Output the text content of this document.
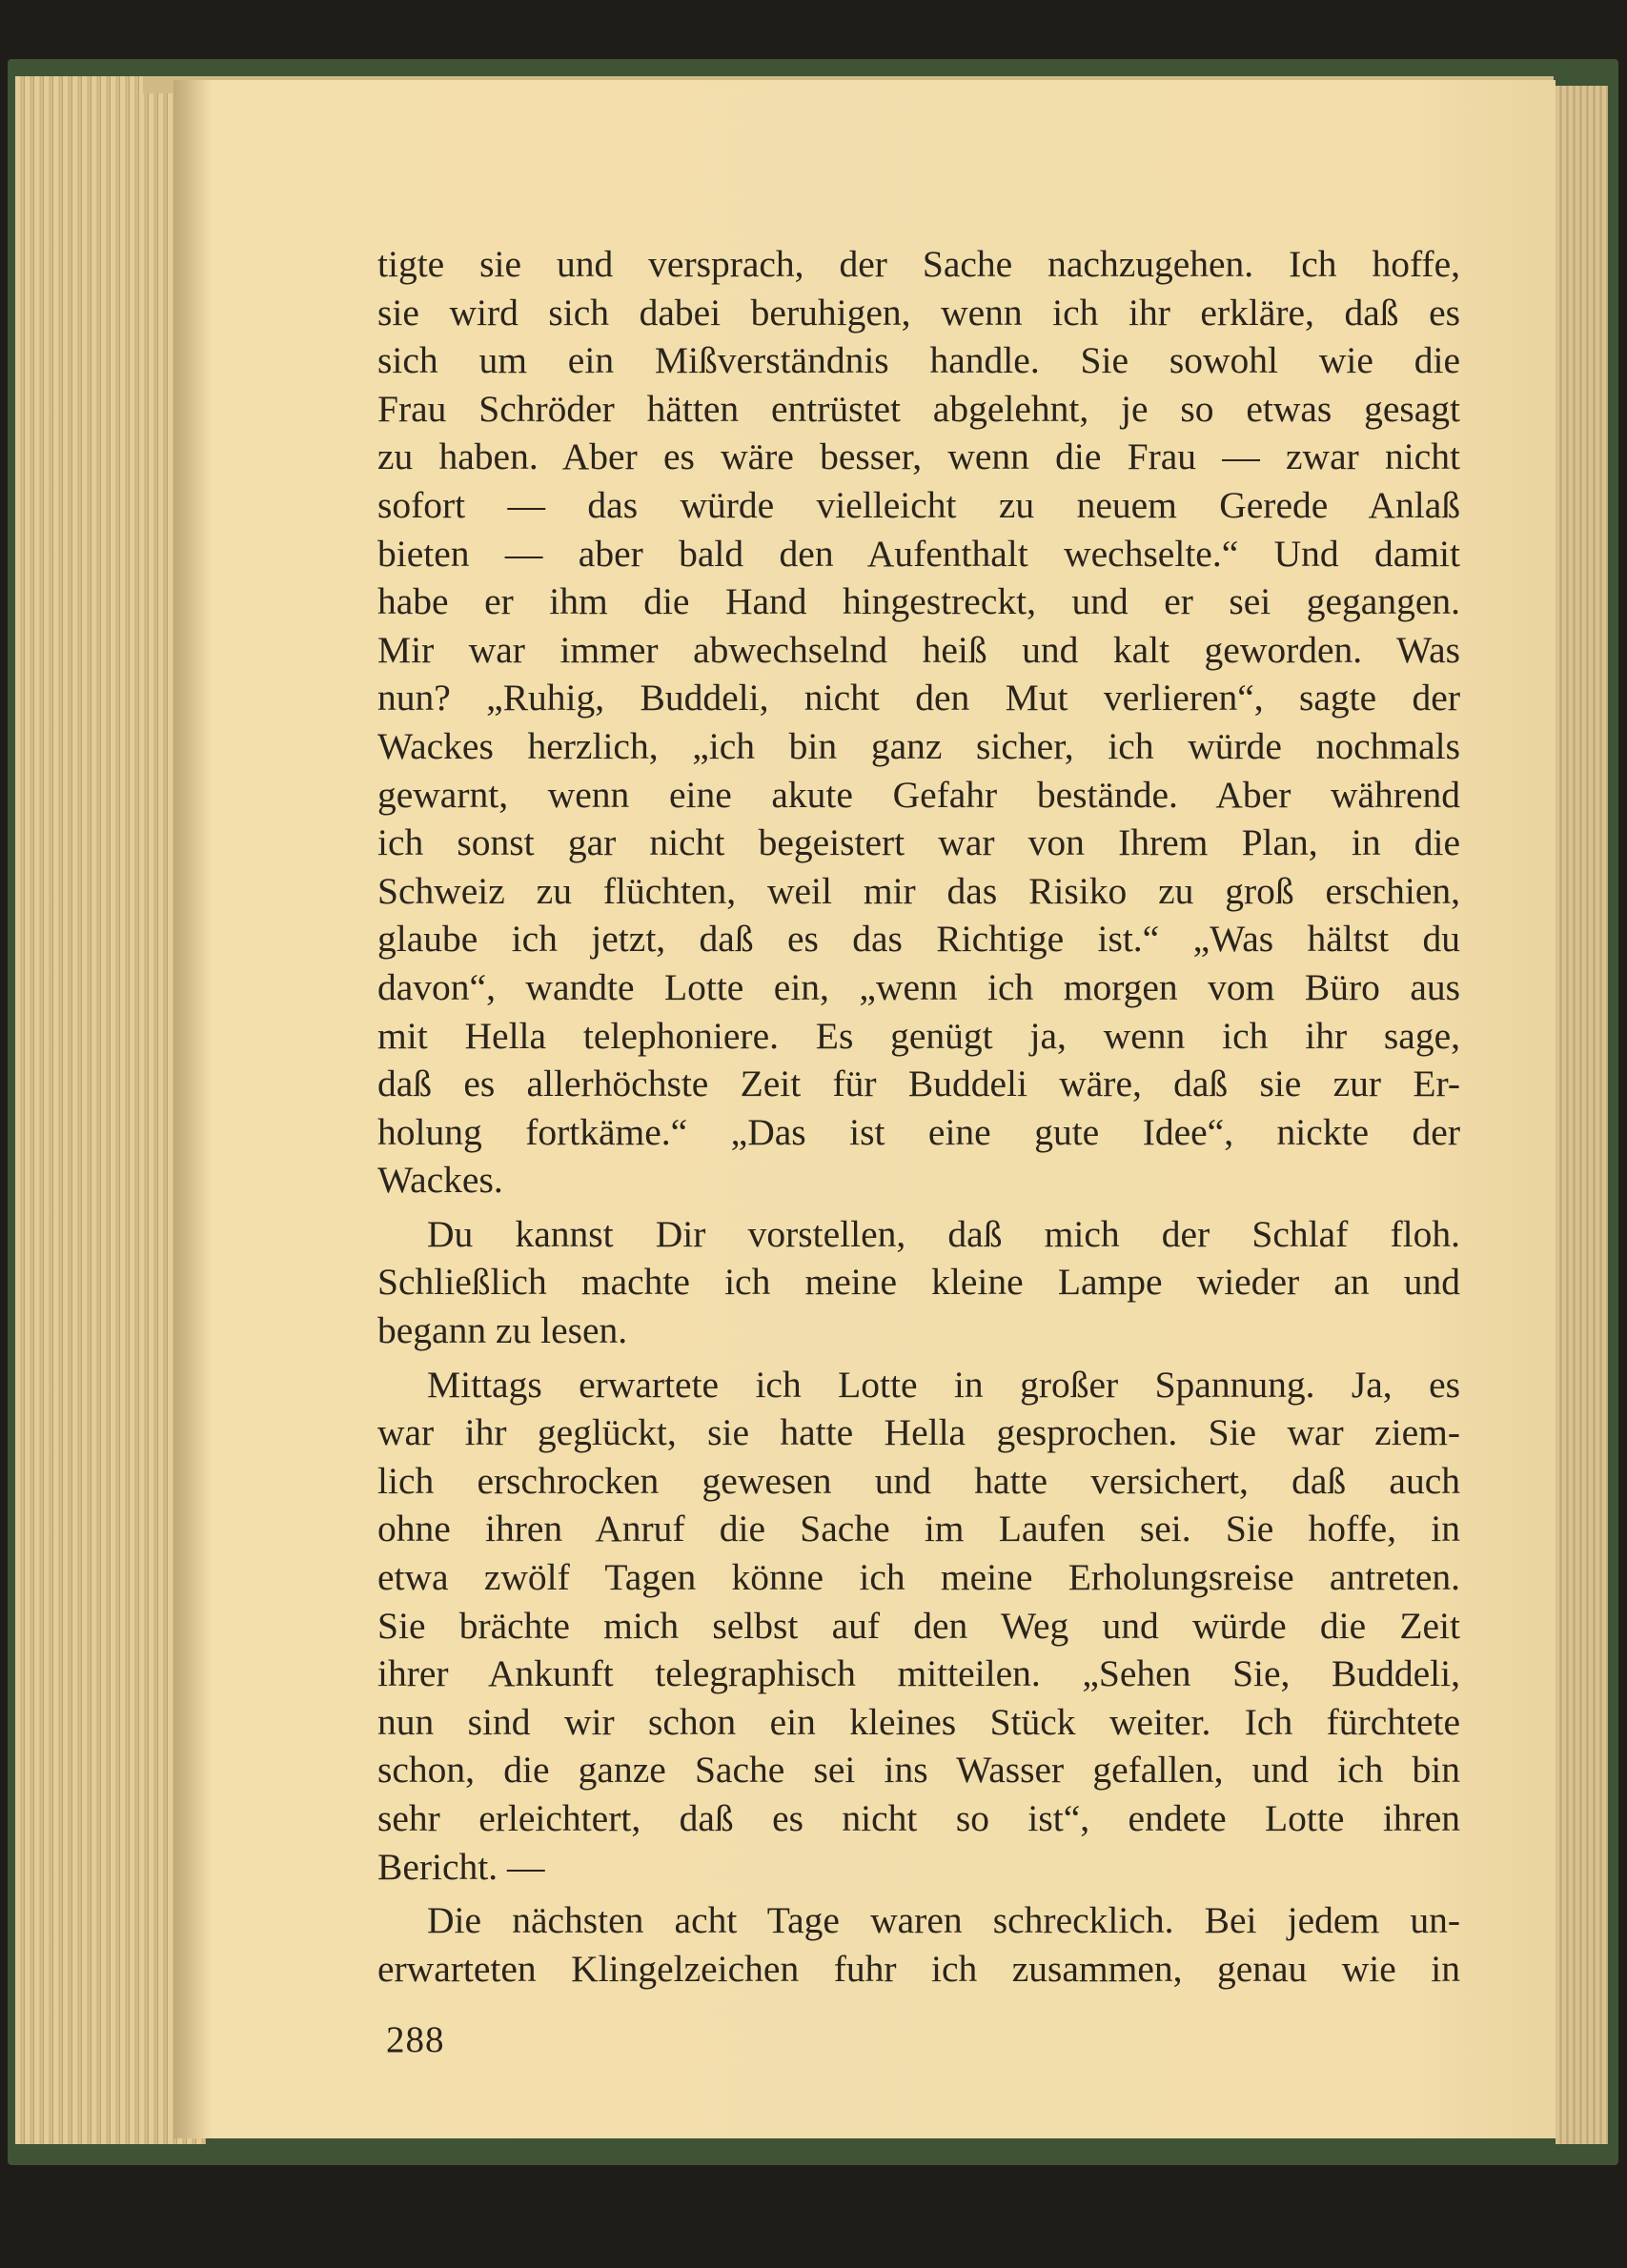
tigte sie und versprach, der Sache nachzugehen. Ich hoffe,
sie wird sich dabei beruhigen, wenn ich ihr erkläre, daß es
sich um ein Mißverständnis handle. Sie sowohl wie die
Frau Schröder hätten entrüstet abgelehnt, je so etwas gesagt
zu haben. Aber es wäre besser, wenn die Frau — zwar nicht
sofort — das würde vielleicht zu neuem Gerede Anlaß
bieten — aber bald den Aufenthalt wechselte.“ Und damit
habe er ihm die Hand hingestreckt, und er sei gegangen.
Mir war immer abwechselnd heiß und kalt geworden. Was
nun? „Ruhig, Buddeli, nicht den Mut verlieren“, sagte der
Wackes herzlich, „ich bin ganz sicher, ich würde nochmals
gewarnt, wenn eine akute Gefahr bestände. Aber während
ich sonst gar nicht begeistert war von Ihrem Plan, in die
Schweiz zu flüchten, weil mir das Risiko zu groß erschien,
glaube ich jetzt, daß es das Richtige ist.“ „Was hältst du
davon“, wandte Lotte ein, „wenn ich morgen vom Büro aus
mit Hella telephoniere. Es genügt ja, wenn ich ihr sage,
daß es allerhöchste Zeit für Buddeli wäre, daß sie zur Er-
holung fortkäme.“ „Das ist eine gute Idee“, nickte der
Wackes.
Du kannst Dir vorstellen, daß mich der Schlaf floh.
Schließlich machte ich meine kleine Lampe wieder an und
begann zu lesen.
Mittags erwartete ich Lotte in großer Spannung. Ja, es
war ihr geglückt, sie hatte Hella gesprochen. Sie war ziem-
lich erschrocken gewesen und hatte versichert, daß auch
ohne ihren Anruf die Sache im Laufen sei. Sie hoffe, in
etwa zwölf Tagen könne ich meine Erholungsreise antreten.
Sie brächte mich selbst auf den Weg und würde die Zeit
ihrer Ankunft telegraphisch mitteilen. „Sehen Sie, Buddeli,
nun sind wir schon ein kleines Stück weiter. Ich fürchtete
schon, die ganze Sache sei ins Wasser gefallen, und ich bin
sehr erleichtert, daß es nicht so ist“, endete Lotte ihren
Bericht. —
Die nächsten acht Tage waren schrecklich. Bei jedem un-
erwarteten Klingelzeichen fuhr ich zusammen, genau wie in
288
